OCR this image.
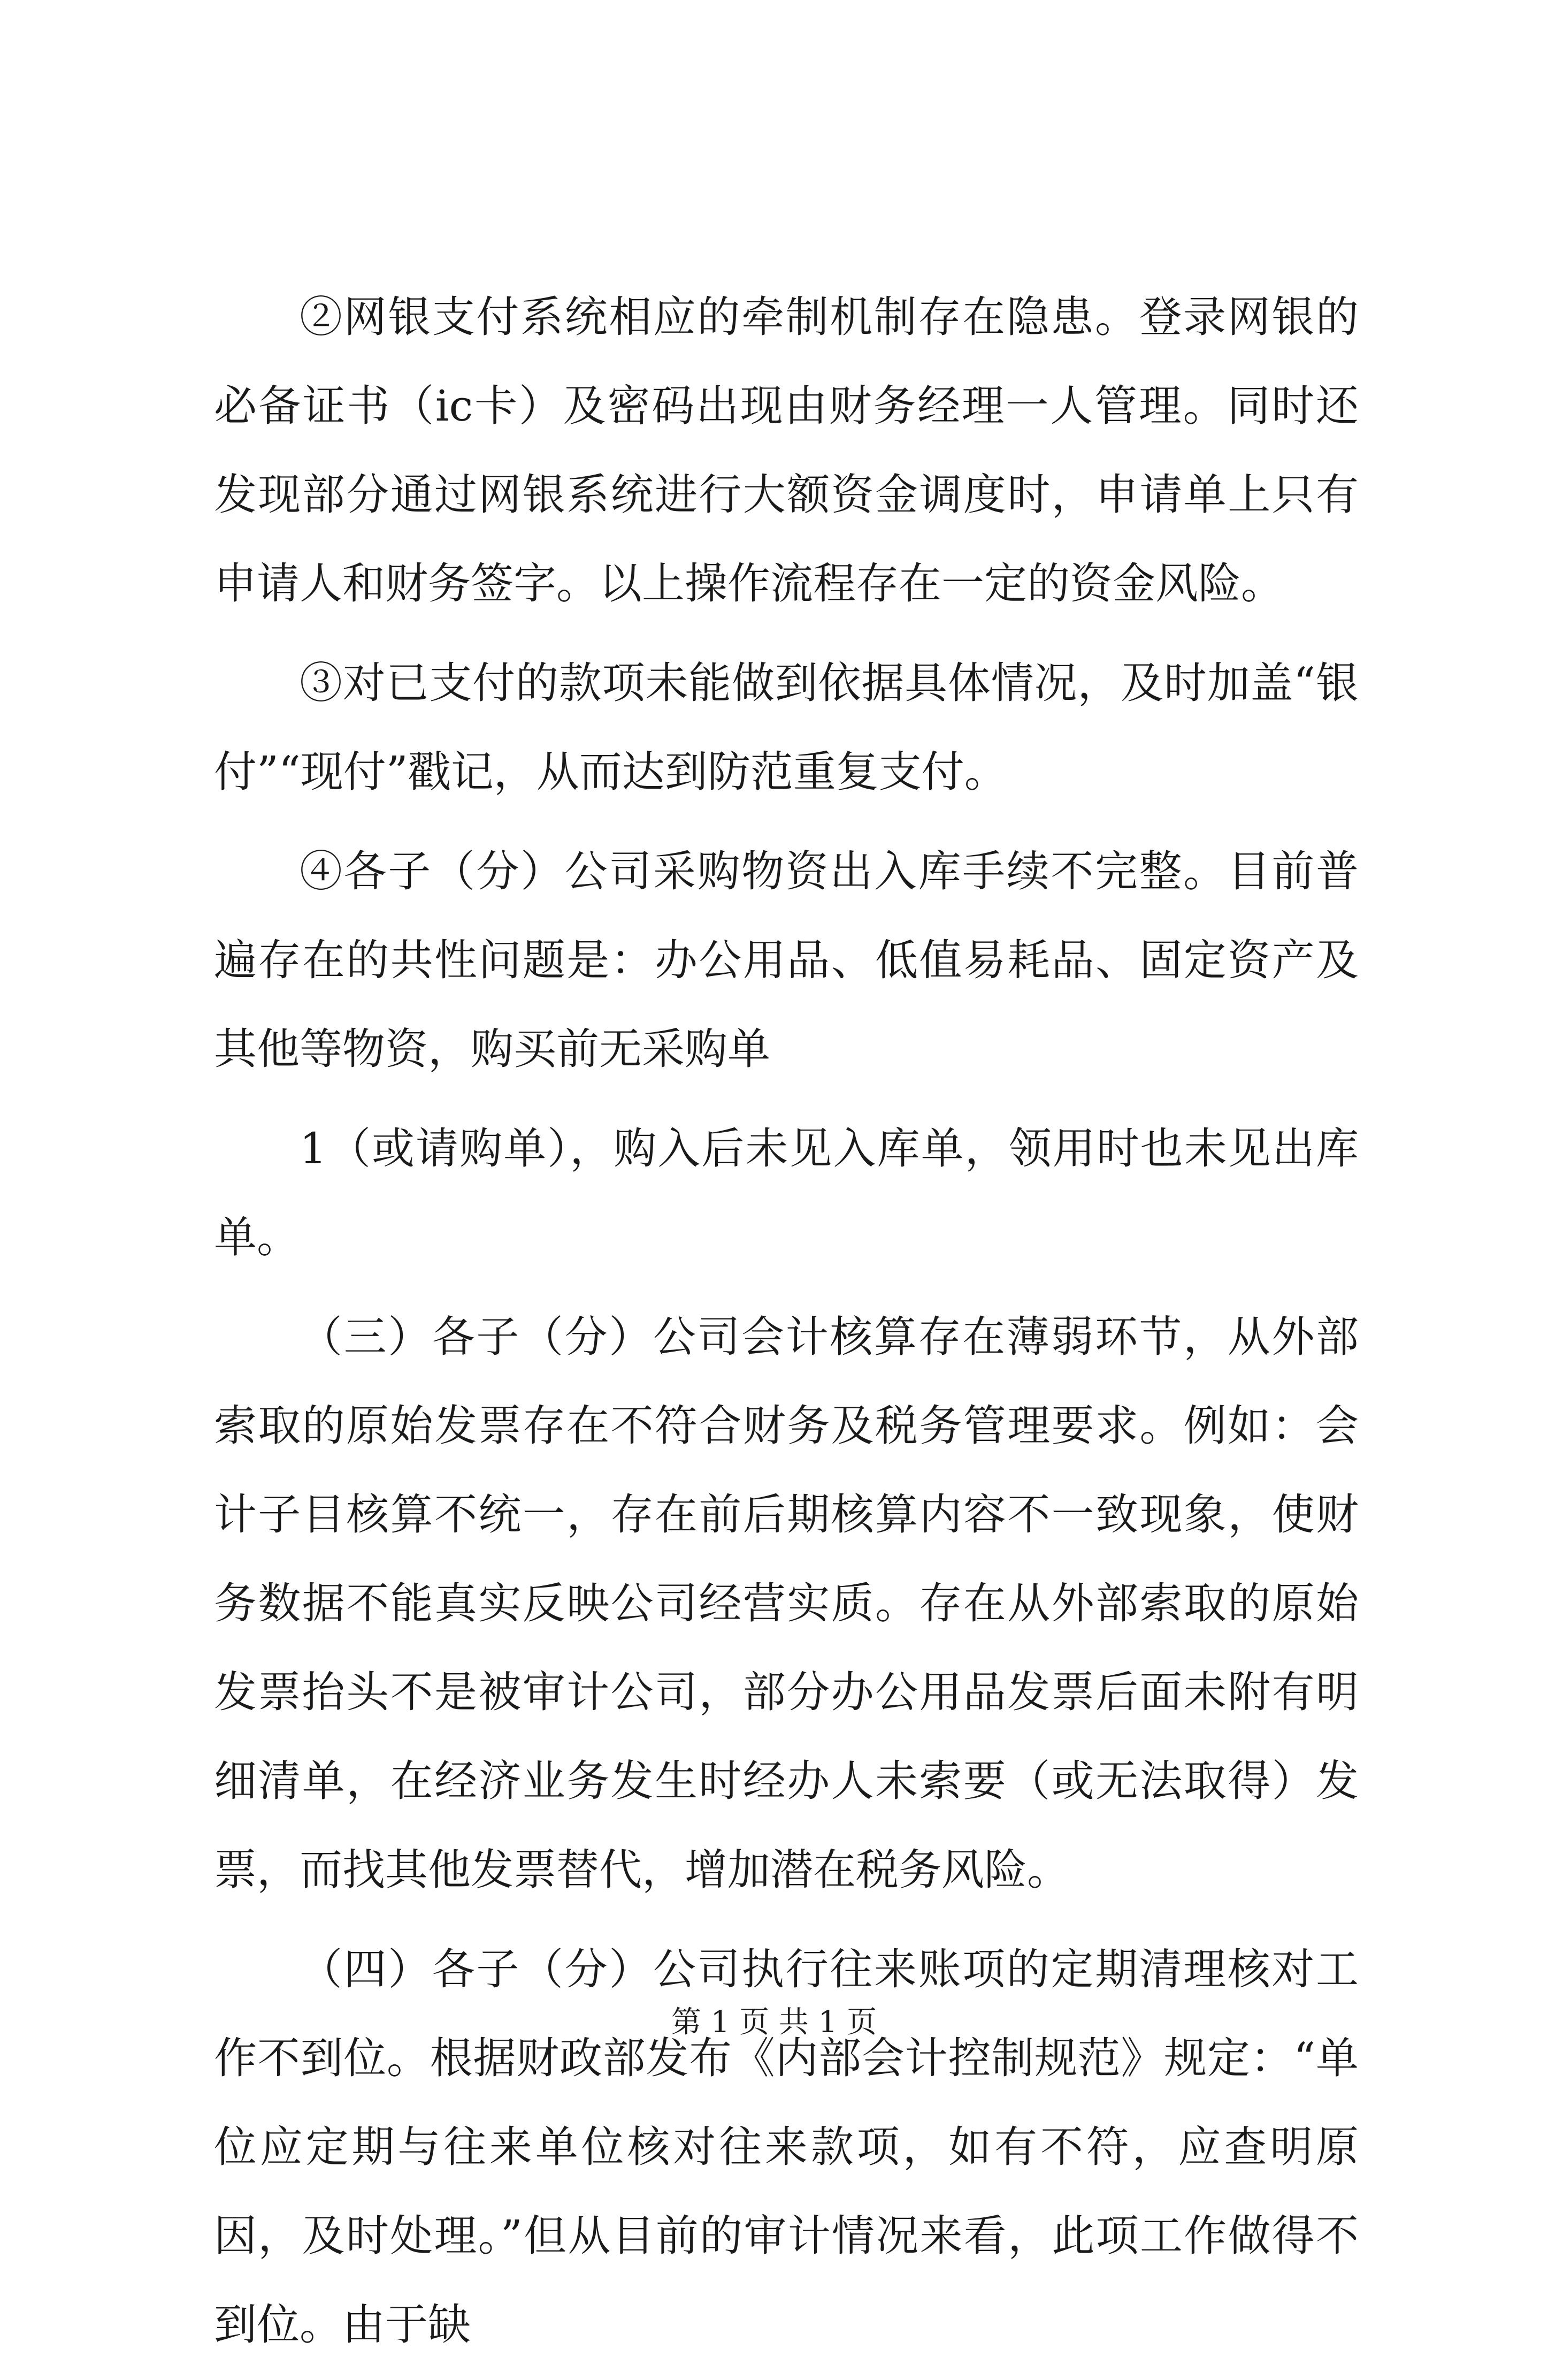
②网银支付系统相应的牵制机制存在隐患。登录网银的必备证书（ic卡）及密码出现由财务经理一人管理。同时还发现部分通过网银系统进行大额资金调度时，申请单上只有申请人和财务签字。以上操作流程存在一定的资金风险。

③对已支付的款项未能做到依据具体情况，及时加盖“银付”“现付”戳记，从而达到防范重复支付。

④各子（分）公司采购物资出入库手续不完整。目前普遍存在的共性问题是：办公用品、低值易耗品、固定资产及其他等物资，购买前无采购单

1（或请购单），购入后未见入库单，领用时也未见出库单。

（三）各子（分）公司会计核算存在薄弱环节，从外部索取的原始发票存在不符合财务及税务管理要求。例如：会计子目核算不统一，存在前后期核算内容不一致现象，使财务数据不能真实反映公司经营实质。存在从外部索取的原始发票抬头不是被审计公司，部分办公用品发票后面未附有明细清单，在经济业务发生时经办人未索要（或无法取得）发票，而找其他发票替代，增加潜在税务风险。

（四）各子（分）公司执行往来账项的定期清理核对工作不到位。根据财政部发布《内部会计控制规范》规定：“单位应定期与往来单位核对往来款项，如有不符，应查明原因，及时处理。”但从目前的审计情况来看，此项工作做得不到位。由于缺

第 1 页 共 1 页
